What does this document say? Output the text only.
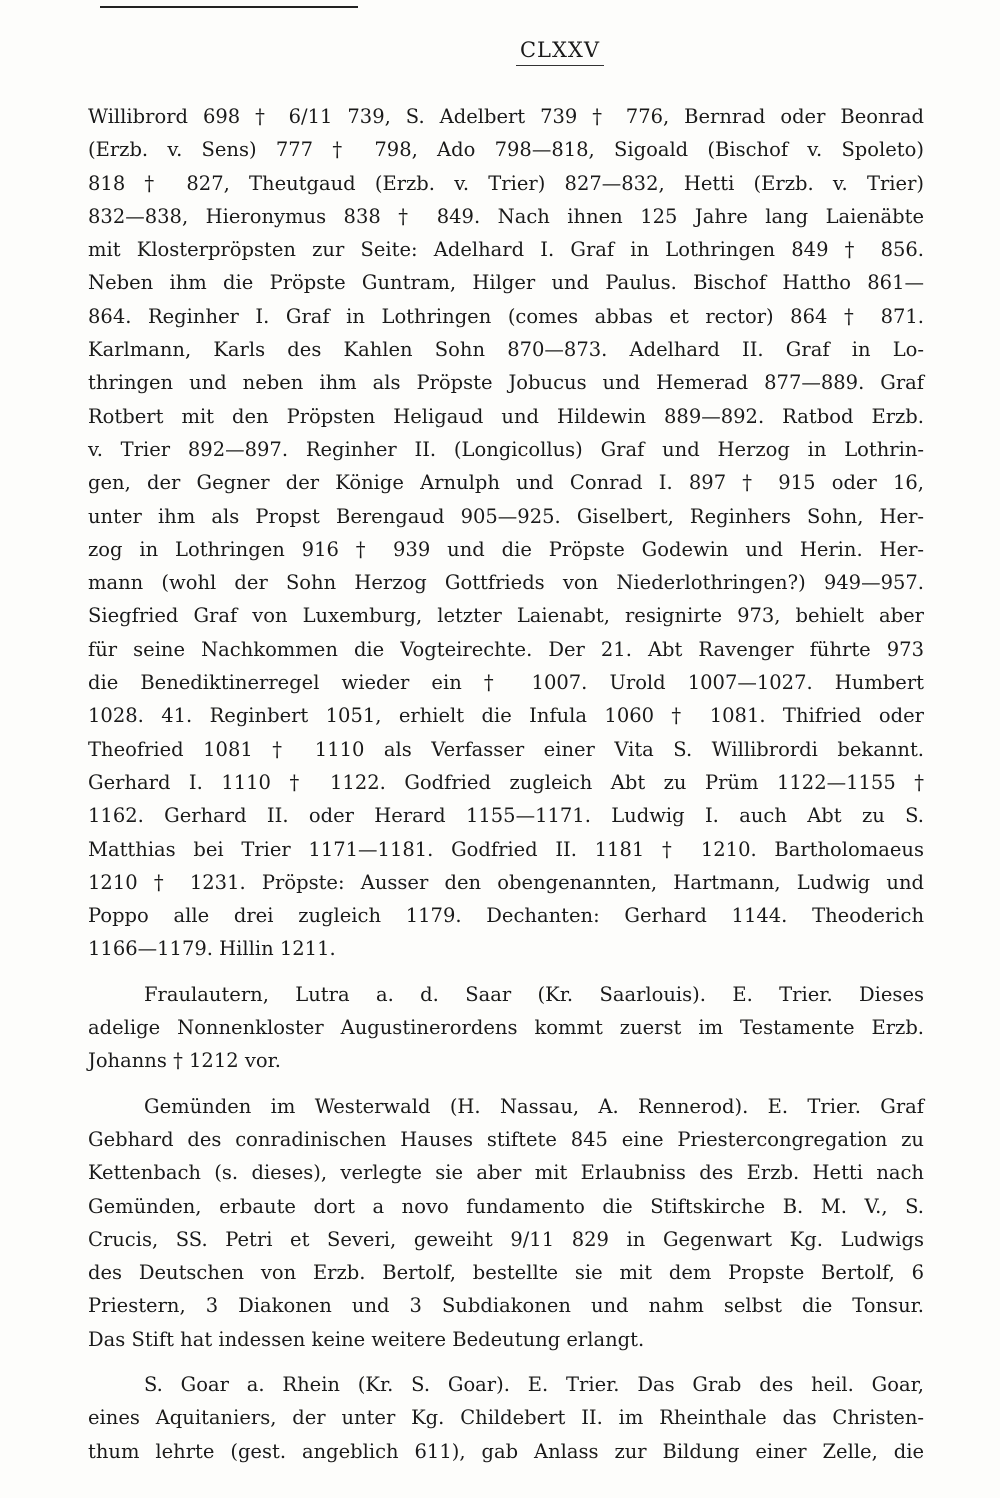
CLXXV
Willibrord 698 † 6/11 739, S. Adelbert 739 † 776, Bernrad oder Beonrad
(Erzb. v. Sens) 777 † 798, Ado 798—818, Sigoald (Bischof v. Spoleto)
818 † 827, Theutgaud (Erzb. v. Trier) 827—832, Hetti (Erzb. v. Trier)
832—838, Hieronymus 838 † 849. Nach ihnen 125 Jahre lang Laienäbte
mit Klosterpröpsten zur Seite: Adelhard I. Graf in Lothringen 849 † 856.
Neben ihm die Pröpste Guntram, Hilger und Paulus. Bischof Hattho 861—
864. Reginher I. Graf in Lothringen (comes abbas et rector) 864 † 871.
Karlmann, Karls des Kahlen Sohn 870—873. Adelhard II. Graf in Lo-
thringen und neben ihm als Pröpste Jobucus und Hemerad 877—889. Graf
Rotbert mit den Pröpsten Heligaud und Hildewin 889—892. Ratbod Erzb.
v. Trier 892—897. Reginher II. (Longicollus) Graf und Herzog in Lothrin-
gen, der Gegner der Könige Arnulph und Conrad I. 897 † 915 oder 16,
unter ihm als Propst Berengaud 905—925. Giselbert, Reginhers Sohn, Her-
zog in Lothringen 916 † 939 und die Pröpste Godewin und Herin. Her-
mann (wohl der Sohn Herzog Gottfrieds von Niederlothringen?) 949—957.
Siegfried Graf von Luxemburg, letzter Laienabt, resignirte 973, behielt aber
für seine Nachkommen die Vogteirechte. Der 21. Abt Ravenger führte 973
die Benediktinerregel wieder ein † 1007. Urold 1007—1027. Humbert
1028. 41. Reginbert 1051, erhielt die Infula 1060 † 1081. Thifried oder
Theofried 1081 † 1110 als Verfasser einer Vita S. Willibrordi bekannt.
Gerhard I. 1110 † 1122. Godfried zugleich Abt zu Prüm 1122—1155 †
1162. Gerhard II. oder Herard 1155—1171. Ludwig I. auch Abt zu S.
Matthias bei Trier 1171—1181. Godfried II. 1181 † 1210. Bartholomaeus
1210 † 1231. Pröpste: Ausser den obengenannten, Hartmann, Ludwig und
Poppo alle drei zugleich 1179. Dechanten: Gerhard 1144. Theoderich
1166—1179. Hillin 1211.
Fraulautern, Lutra a. d. Saar (Kr. Saarlouis). E. Trier. Dieses
adelige Nonnenkloster Augustinerordens kommt zuerst im Testamente Erzb.
Johanns † 1212 vor.
Gemünden im Westerwald (H. Nassau, A. Rennerod). E. Trier. Graf
Gebhard des conradinischen Hauses stiftete 845 eine Priestercongregation zu
Kettenbach (s. dieses), verlegte sie aber mit Erlaubniss des Erzb. Hetti nach
Gemünden, erbaute dort a novo fundamento die Stiftskirche B. M. V., S.
Crucis, SS. Petri et Severi, geweiht 9/11 829 in Gegenwart Kg. Ludwigs
des Deutschen von Erzb. Bertolf, bestellte sie mit dem Propste Bertolf, 6
Priestern, 3 Diakonen und 3 Subdiakonen und nahm selbst die Tonsur.
Das Stift hat indessen keine weitere Bedeutung erlangt.
S. Goar a. Rhein (Kr. S. Goar). E. Trier. Das Grab des heil. Goar,
eines Aquitaniers, der unter Kg. Childebert II. im Rheinthale das Christen-
thum lehrte (gest. angeblich 611), gab Anlass zur Bildung einer Zelle, die
